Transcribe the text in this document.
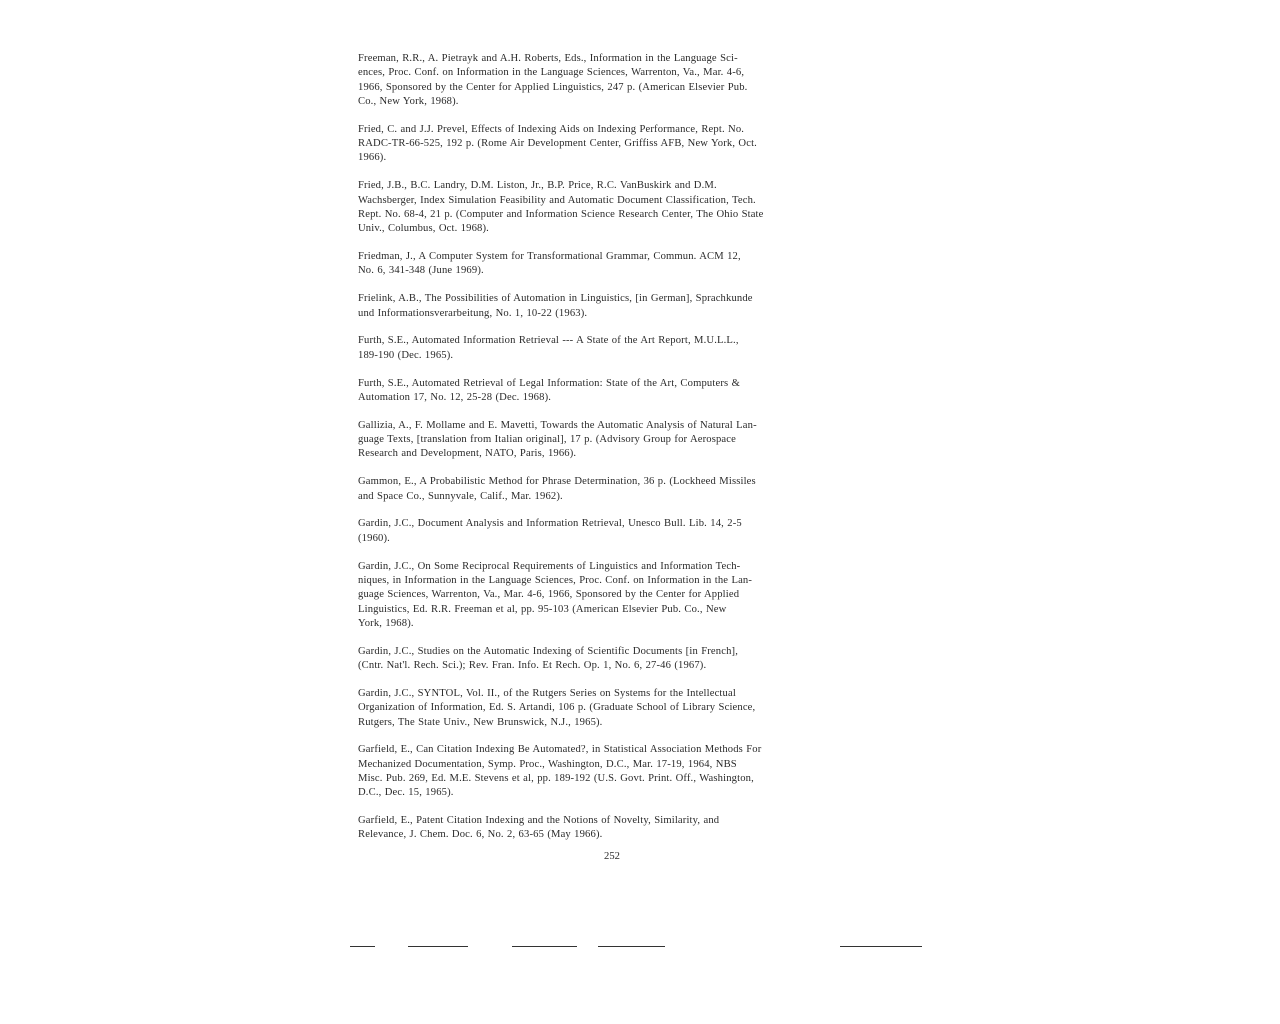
Freeman, R.R., A. Pietrayk and A.H. Roberts, Eds., Information in the Language Sci-
ences, Proc. Conf. on Information in the Language Sciences, Warrenton, Va., Mar. 4-6,
1966, Sponsored by the Center for Applied Linguistics, 247 p. (American Elsevier Pub.
Co., New York, 1968).
Fried, C. and J.J. Prevel, Effects of Indexing Aids on Indexing Performance, Rept. No.
RADC-TR-66-525, 192 p. (Rome Air Development Center, Griffiss AFB, New York, Oct.
1966).
Fried, J.B., B.C. Landry, D.M. Liston, Jr., B.P. Price, R.C. VanBuskirk and D.M.
Wachsberger, Index Simulation Feasibility and Automatic Document Classification, Tech.
Rept. No. 68-4, 21 p. (Computer and Information Science Research Center, The Ohio State
Univ., Columbus, Oct. 1968).
Friedman, J., A Computer System for Transformational Grammar, Commun. ACM 12,
No. 6, 341-348 (June 1969).
Frielink, A.B., The Possibilities of Automation in Linguistics, [in German], Sprachkunde
und Informationsverarbeitung, No. 1, 10-22 (1963).
Furth, S.E., Automated Information Retrieval --- A State of the Art Report, M.U.L.L.,
189-190 (Dec. 1965).
Furth, S.E., Automated Retrieval of Legal Information: State of the Art, Computers &
Automation 17, No. 12, 25-28 (Dec. 1968).
Gallizia, A., F. Mollame and E. Mavetti, Towards the Automatic Analysis of Natural Lan-
guage Texts, [translation from Italian original], 17 p. (Advisory Group for Aerospace
Research and Development, NATO, Paris, 1966).
Gammon, E., A Probabilistic Method for Phrase Determination, 36 p. (Lockheed Missiles
and Space Co., Sunnyvale, Calif., Mar. 1962).
Gardin, J.C., Document Analysis and Information Retrieval, Unesco Bull. Lib. 14, 2-5
(1960).
Gardin, J.C., On Some Reciprocal Requirements of Linguistics and Information Tech-
niques, in Information in the Language Sciences, Proc. Conf. on Information in the Lan-
guage Sciences, Warrenton, Va., Mar. 4-6, 1966, Sponsored by the Center for Applied
Linguistics, Ed. R.R. Freeman et al, pp. 95-103 (American Elsevier Pub. Co., New
York, 1968).
Gardin, J.C., Studies on the Automatic Indexing of Scientific Documents [in French],
(Cntr. Nat'l. Rech. Sci.); Rev. Fran. Info. Et Rech. Op. 1, No. 6, 27-46 (1967).
Gardin, J.C., SYNTOL, Vol. II., of the Rutgers Series on Systems for the Intellectual
Organization of Information, Ed. S. Artandi, 106 p. (Graduate School of Library Science,
Rutgers, The State Univ., New Brunswick, N.J., 1965).
Garfield, E., Can Citation Indexing Be Automated?, in Statistical Association Methods For
Mechanized Documentation, Symp. Proc., Washington, D.C., Mar. 17-19, 1964, NBS
Misc. Pub. 269, Ed. M.E. Stevens et al, pp. 189-192 (U.S. Govt. Print. Off., Washington,
D.C., Dec. 15, 1965).
Garfield, E., Patent Citation Indexing and the Notions of Novelty, Similarity, and
Relevance, J. Chem. Doc. 6, No. 2, 63-65 (May 1966).
252
